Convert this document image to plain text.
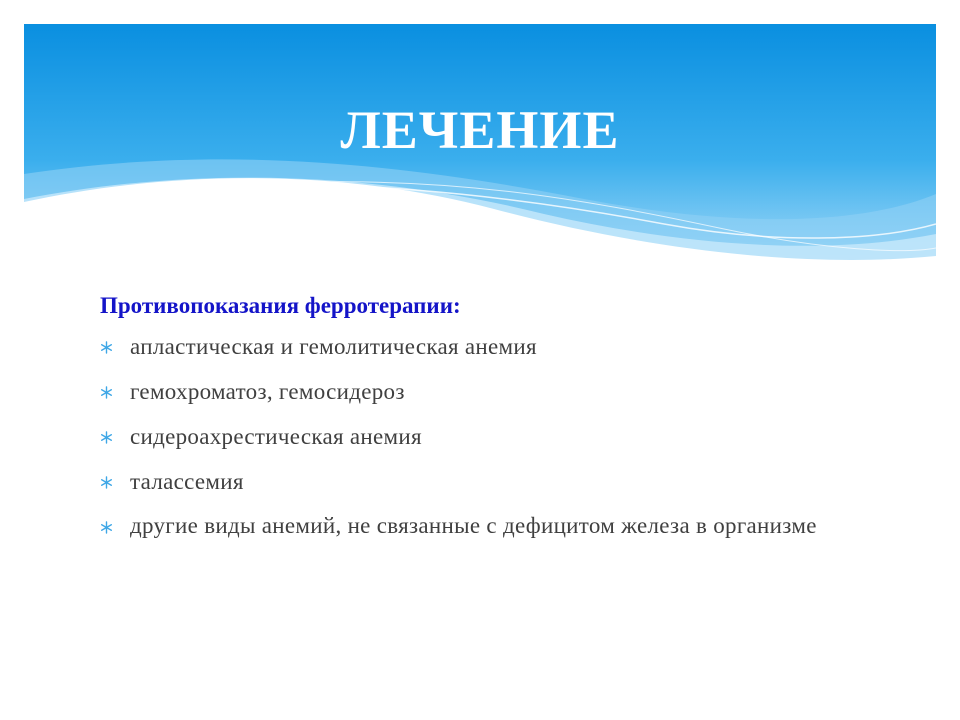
ЛЕЧЕНИЕ

Противопоказания ферротерапии:

апластическая и гемолитическая анемия
гемохроматоз, гемосидероз
сидероахрестическая анемия
талассемия
другие виды анемий, не связанные с дефицитом железа в организме
